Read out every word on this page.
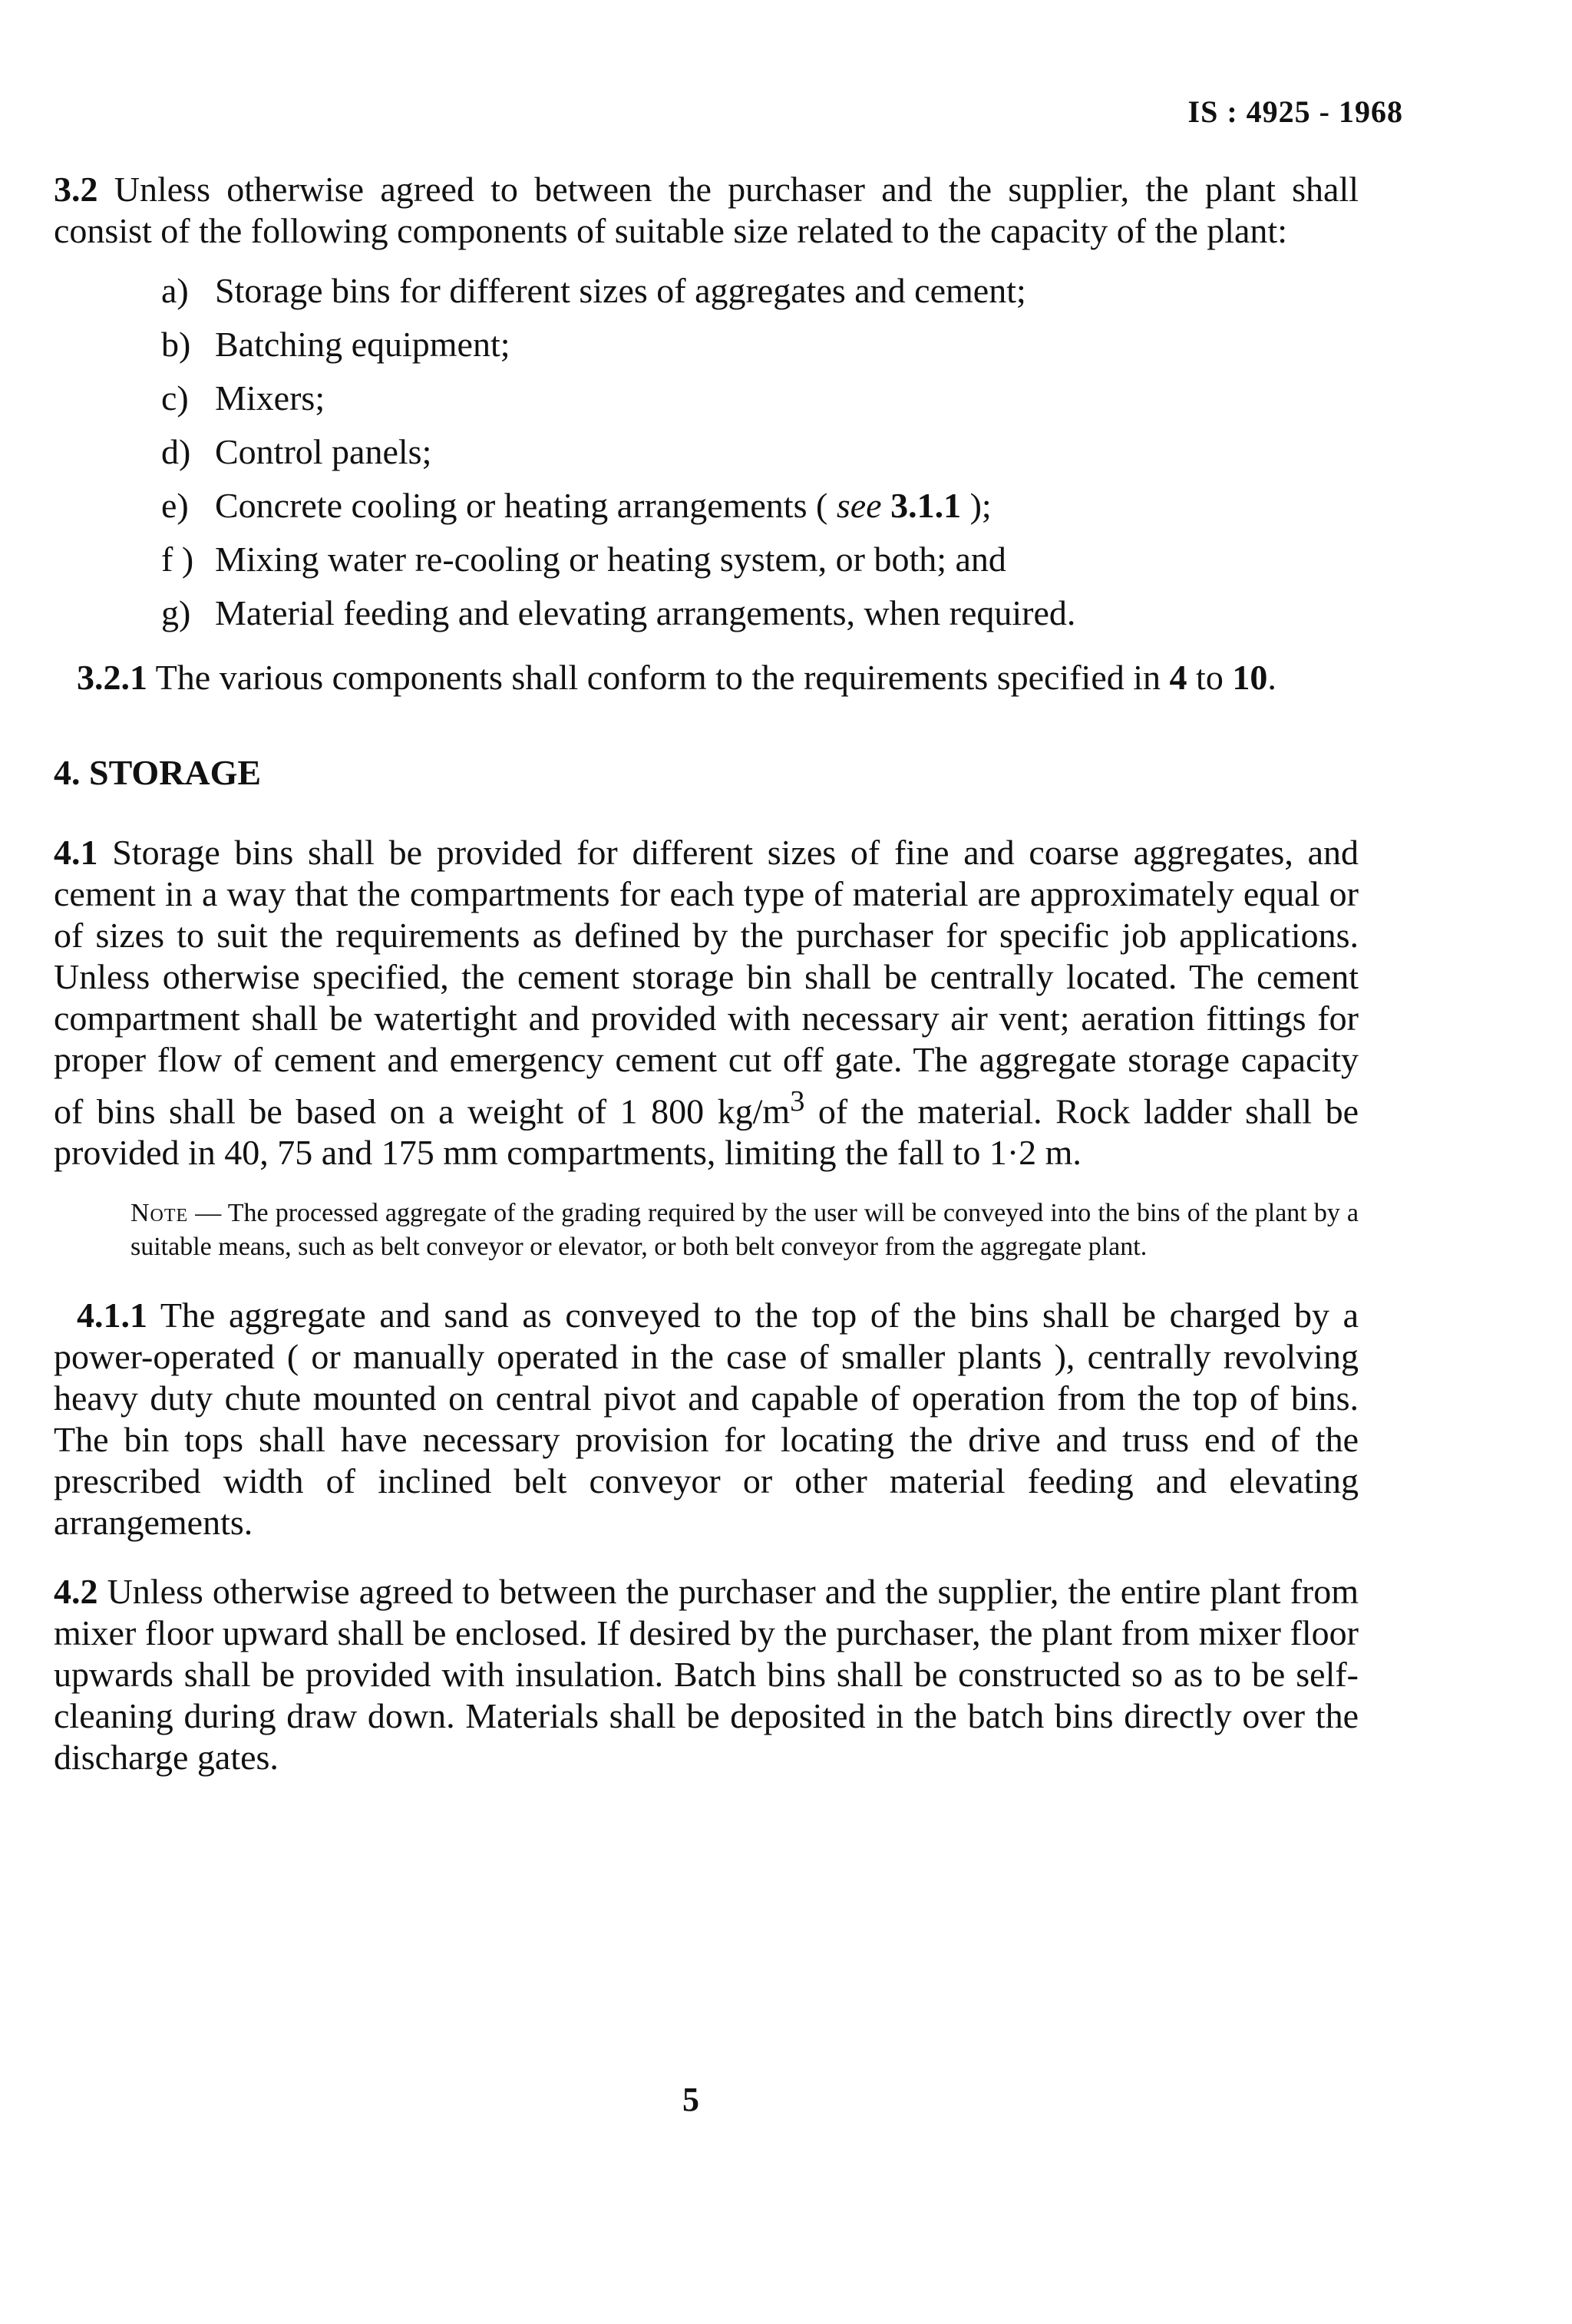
IS : 4925 - 1968

3.2 Unless otherwise agreed to between the purchaser and the supplier, the plant shall consist of the following components of suitable size related to the capacity of the plant:

a) Storage bins for different sizes of aggregates and cement;
b) Batching equipment;
c) Mixers;
d) Control panels;
e) Concrete cooling or heating arrangements ( see 3.1.1 );
f ) Mixing water re-cooling or heating system, or both; and
g) Material feeding and elevating arrangements, when required.

3.2.1 The various components shall conform to the requirements specified in 4 to 10.

4. STORAGE

4.1 Storage bins shall be provided for different sizes of fine and coarse aggregates, and cement in a way that the compartments for each type of material are approximately equal or of sizes to suit the requirements as defined by the purchaser for specific job applications. Unless otherwise specified, the cement storage bin shall be centrally located. The cement compartment shall be watertight and provided with necessary air vent; aeration fittings for proper flow of cement and emergency cement cut off gate. The aggregate storage capacity of bins shall be based on a weight of 1 800 $kg/m^3$ of the material. Rock ladder shall be provided in 40, 75 and 175 mm compartments, limiting the fall to 1·2 m.

Note — The processed aggregate of the grading required by the user will be conveyed into the bins of the plant by a suitable means, such as belt conveyor or elevator, or both belt conveyor from the aggregate plant.

4.1.1 The aggregate and sand as conveyed to the top of the bins shall be charged by a power-operated ( or manually operated in the case of smaller plants ), centrally revolving heavy duty chute mounted on central pivot and capable of operation from the top of bins. The bin tops shall have necessary provision for locating the drive and truss end of the prescribed width of inclined belt conveyor or other material feeding and elevating arrangements.

4.2 Unless otherwise agreed to between the purchaser and the supplier, the entire plant from mixer floor upward shall be enclosed. If desired by the purchaser, the plant from mixer floor upwards shall be provided with insulation. Batch bins shall be constructed so as to be self-cleaning during draw down. Materials shall be deposited in the batch bins directly over the discharge gates.

5
